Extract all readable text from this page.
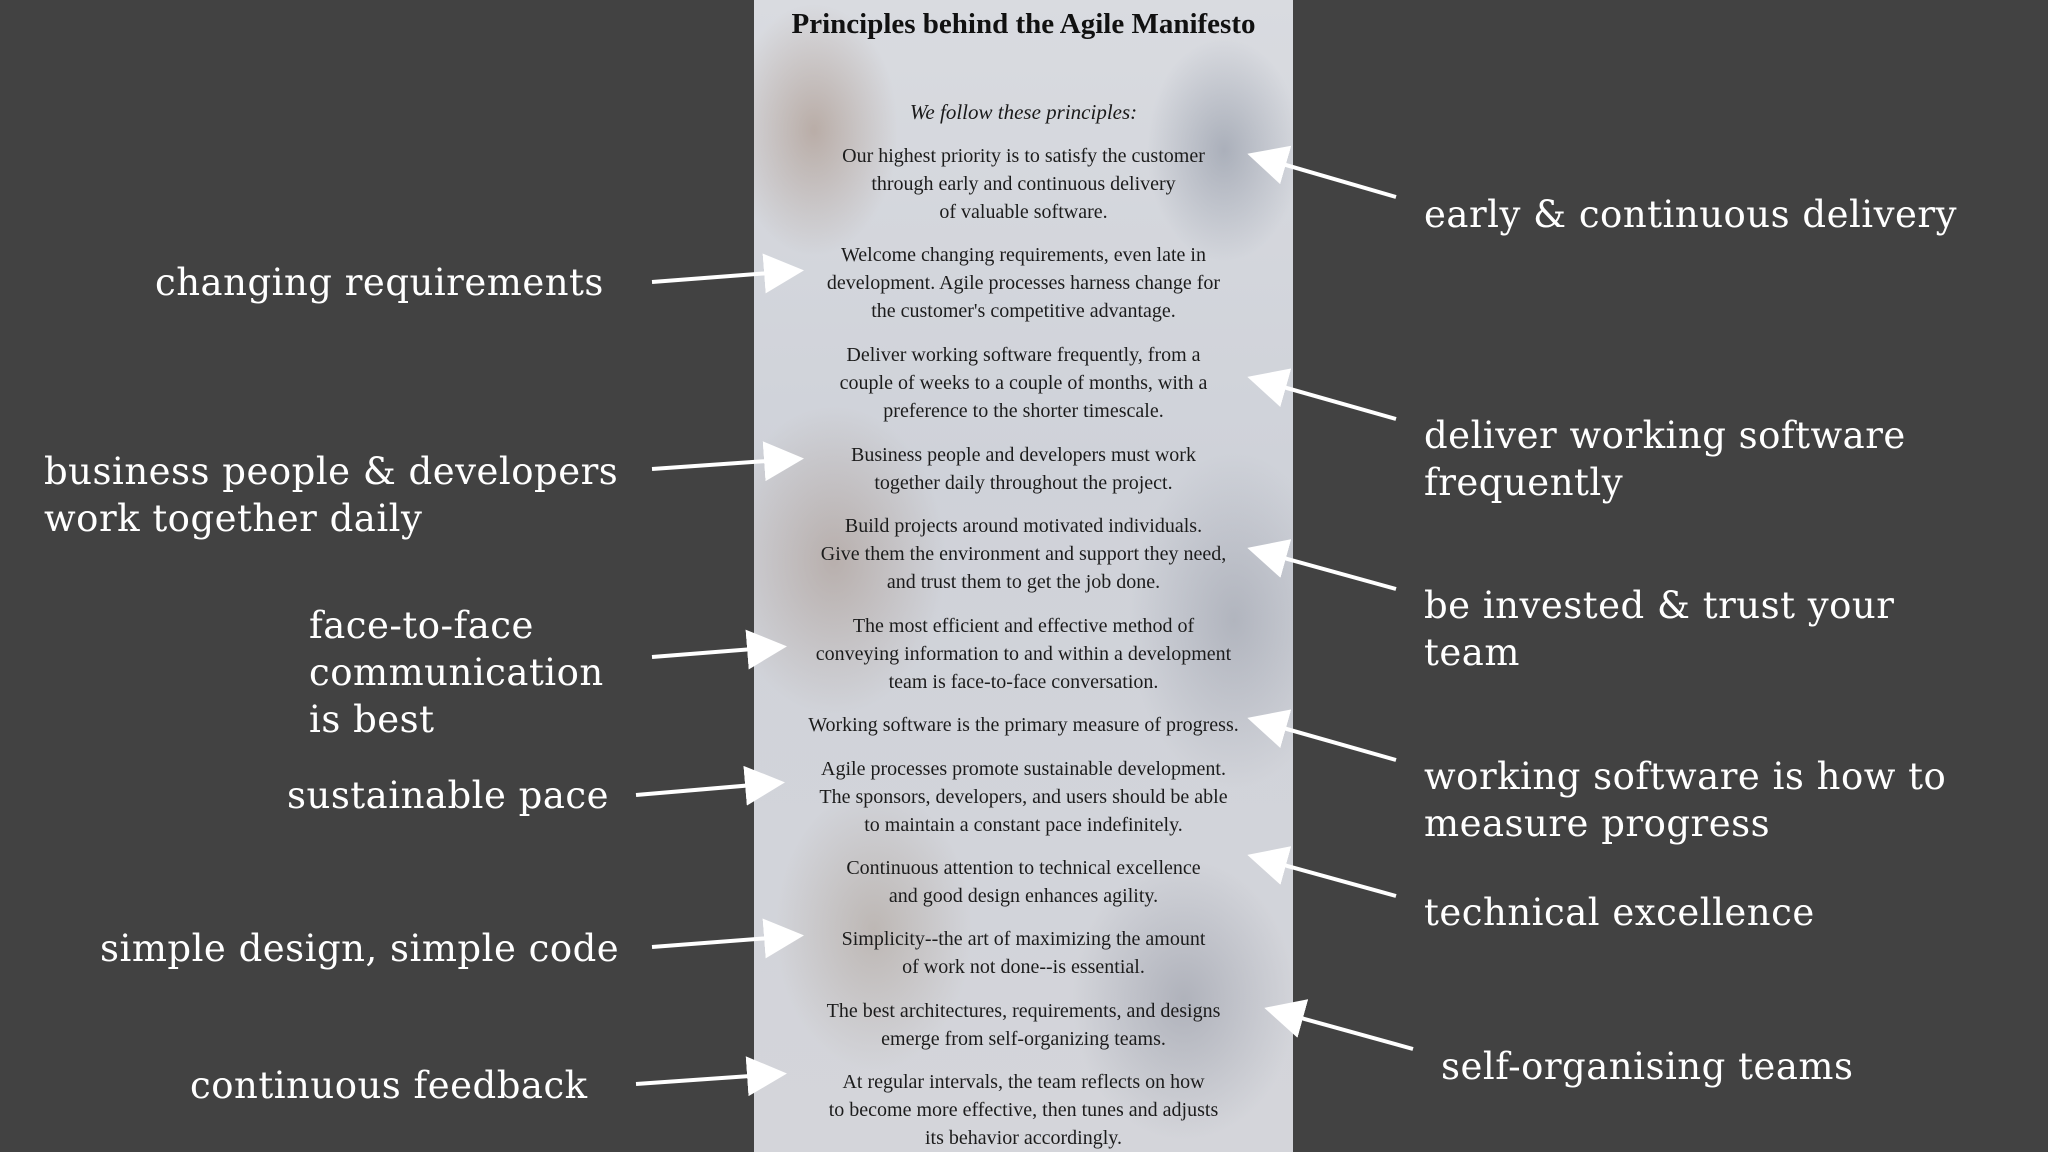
Principles behind the Agile Manifesto
We follow these principles:
Our highest priority is to satisfy the customer
through early and continuous delivery
of valuable software.
Welcome changing requirements, even late in
development. Agile processes harness change for
the customer's competitive advantage.
Deliver working software frequently, from a
couple of weeks to a couple of months, with a
preference to the shorter timescale.
Business people and developers must work
together daily throughout the project.
Build projects around motivated individuals.
Give them the environment and support they need,
and trust them to get the job done.
The most efficient and effective method of
conveying information to and within a development
team is face-to-face conversation.
Working software is the primary measure of progress.
Agile processes promote sustainable development.
The sponsors, developers, and users should be able
to maintain a constant pace indefinitely.
Continuous attention to technical excellence
and good design enhances agility.
Simplicity--the art of maximizing the amount
of work not done--is essential.
The best architectures, requirements, and designs
emerge from self-organizing teams.
At regular intervals, the team reflects on how
to become more effective, then tunes and adjusts
its behavior accordingly.
changing requirements
business people & developers
work together daily
face-to-face
communication
is best
sustainable pace
simple design, simple code
continuous feedback
early & continuous delivery
deliver working software
frequently
be invested & trust your
team
working software is how to
measure progress
technical excellence
self-organising teams
